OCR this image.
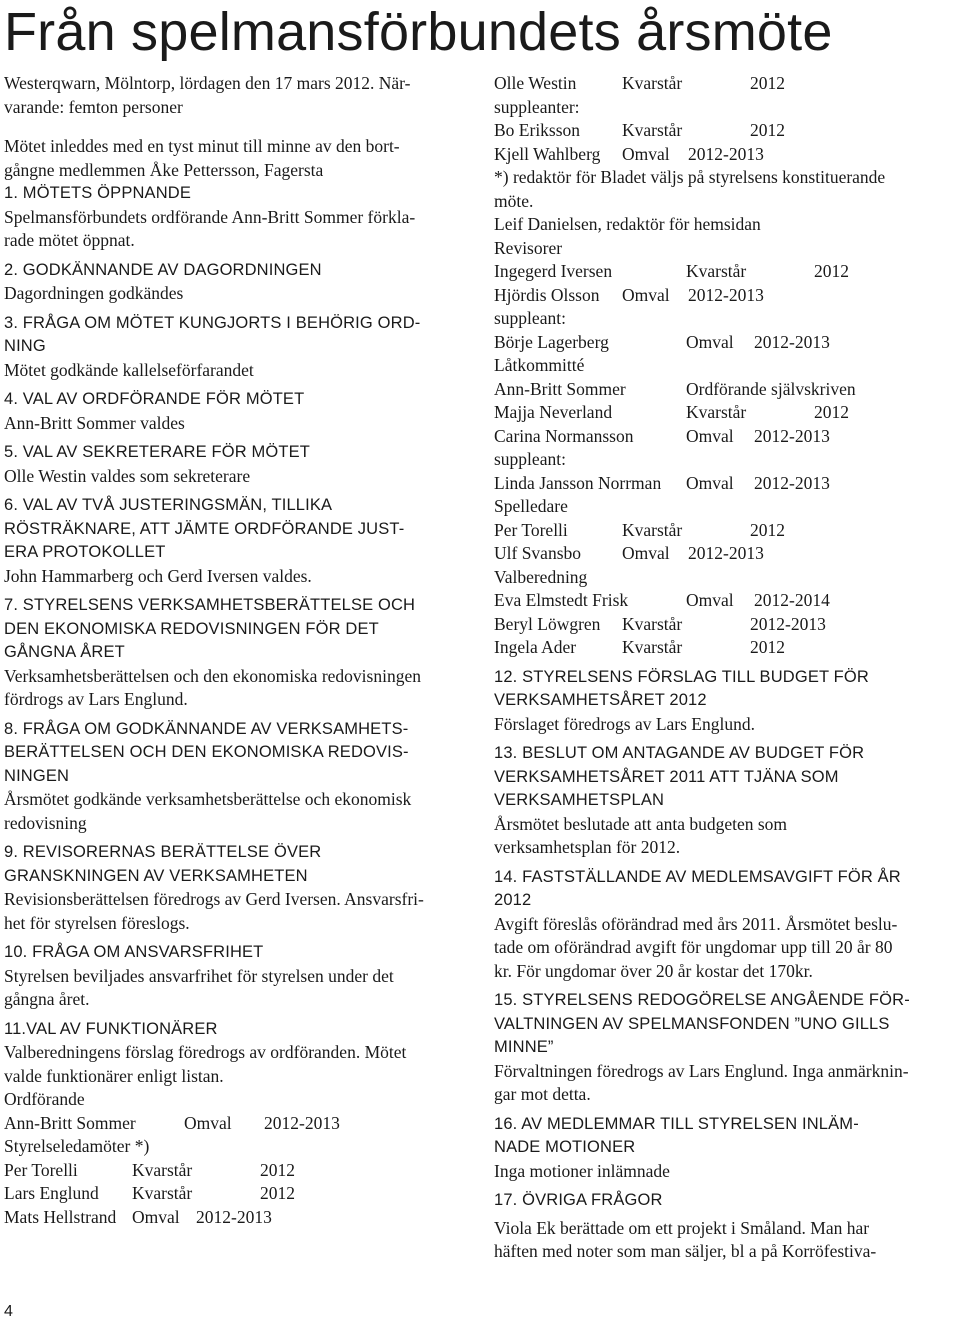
Från spelmansförbundets årsmöte

Westerqwarn, Mölntorp, lördagen den 17 mars 2012. När-
varande: femton personer

Mötet inleddes med en tyst minut till minne av den bort-
gångne medlemmen Åke Pettersson, Fagersta

1. MÖTETS ÖPPNANDE

Spelmansförbundets ordförande Ann-Britt Sommer förkla-
rade mötet öppnat.

2. GODKÄNNANDE AV DAGORDNINGEN

Dagordningen godkändes

3. FRÅGA OM MÖTET KUNGJORTS I BEHÖRIG ORD-
NING

Mötet godkände kallelseförfarandet

4. VAL AV ORDFÖRANDE FÖR MÖTET

Ann-Britt Sommer valdes

5. VAL AV SEKRETERARE FÖR MÖTET

Olle Westin valdes som sekreterare

6. VAL AV TVÅ JUSTERINGSMÄN, TILLIKA
RÖSTRÄKNARE, ATT JÄMTE ORDFÖRANDE JUST-
ERA PROTOKOLLET

John Hammarberg och Gerd Iversen valdes.

7. STYRELSENS VERKSAMHETSBERÄTTELSE OCH
DEN EKONOMISKA REDOVISNINGEN FÖR DET
GÅNGNA ÅRET

Verksamhetsberättelsen och den ekonomiska redovisningen
fördrogs av Lars Englund.

8. FRÅGA OM GODKÄNNANDE AV VERKSAMHETS-
BERÄTTELSEN OCH DEN EKONOMISKA REDOVIS-
NINGEN

Årsmötet godkände verksamhetsberättelse och ekonomisk
redovisning

9. REVISORERNAS BERÄTTELSE ÖVER
GRANSKNINGEN AV VERKSAMHETEN

Revisionsberättelsen föredrogs av Gerd Iversen. Ansvarsfri-
het för styrelsen föreslogs.

10. FRÅGA OM ANSVARSFRIHET

Styrelsen beviljades ansvarfrihet för styrelsen under det
gångna året.

11.VAL AV FUNKTIONÄRER

Valberedningens förslag föredrogs av ordföranden. Mötet
valde funktionärer enligt listan.

Ordförande
Ann-Britt Sommer	Omval	2012-2013
Styrelseledamöter *)
Per Torelli	Kvarstår	2012
Lars Englund	Kvarstår	2012
Mats Hellstrand Omval 2012-2013
Olle Westin	Kvarstår	2012
suppleanter:
Bo Eriksson	Kvarstår	2012
Kjell Wahlberg	Omval	2012-2013

*) redaktör för Bladet väljs på styrelsens konstituerande
möte.

Leif Danielsen, redaktör för hemsidan
Revisorer
Ingegerd Iversen	Kvarstår	2012
Hjördis Olsson	Omval	2012-2013
suppleant:
Börje Lagerberg	Omval	2012-2013
Låtkommitté
Ann-Britt Sommer	Ordförande självskriven
Majja Neverland	Kvarstår	2012
Carina Normansson	Omval	2012-2013
suppleant:
Linda Jansson Norrman	Omval	2012-2013
Spelledare
Per Torelli	Kvarstår	2012
Ulf Svansbo	Omval	2012-2013
Valberedning
Eva Elmstedt Frisk	Omval	2012-2014
Beryl Löwgren	Kvarstår	2012-2013
Ingela Ader	Kvarstår	2012
12. STYRELSENS FÖRSLAG TILL BUDGET FÖR
VERKSAMHETSÅRET 2012

Förslaget föredrogs av Lars Englund.

13. BESLUT OM ANTAGANDE AV BUDGET FÖR
VERKSAMHETSÅRET 2011 ATT TJÄNA SOM
VERKSAMHETSPLAN

Årsmötet beslutade att anta budgeten som
verksamhetsplan för 2012.

14. FASTSTÄLLANDE AV MEDLEMSAVGIFT FÖR ÅR
2012

Avgift föreslås oförändrad med års 2011. Årsmötet beslu-
tade om oförändrad avgift för ungdomar upp till 20 år 80
kr. För ungdomar över 20 år kostar det 170kr.

15. STYRELSENS REDOGÖRELSE ANGÅENDE FÖR-
VALTNINGEN AV SPELMANSFONDEN ”UNO GILLS
MINNE”

Förvaltningen föredrogs av Lars Englund. Inga anmärknin-
gar mot detta.

16. AV MEDLEMMAR TILL STYRELSEN INLÄM-
NADE MOTIONER

Inga motioner inlämnade

17. ÖVRIGA FRÅGOR

Viola Ek berättade om ett projekt i Småland. Man har
häften med noter som man säljer, bl a på Korröfestiva-

4
